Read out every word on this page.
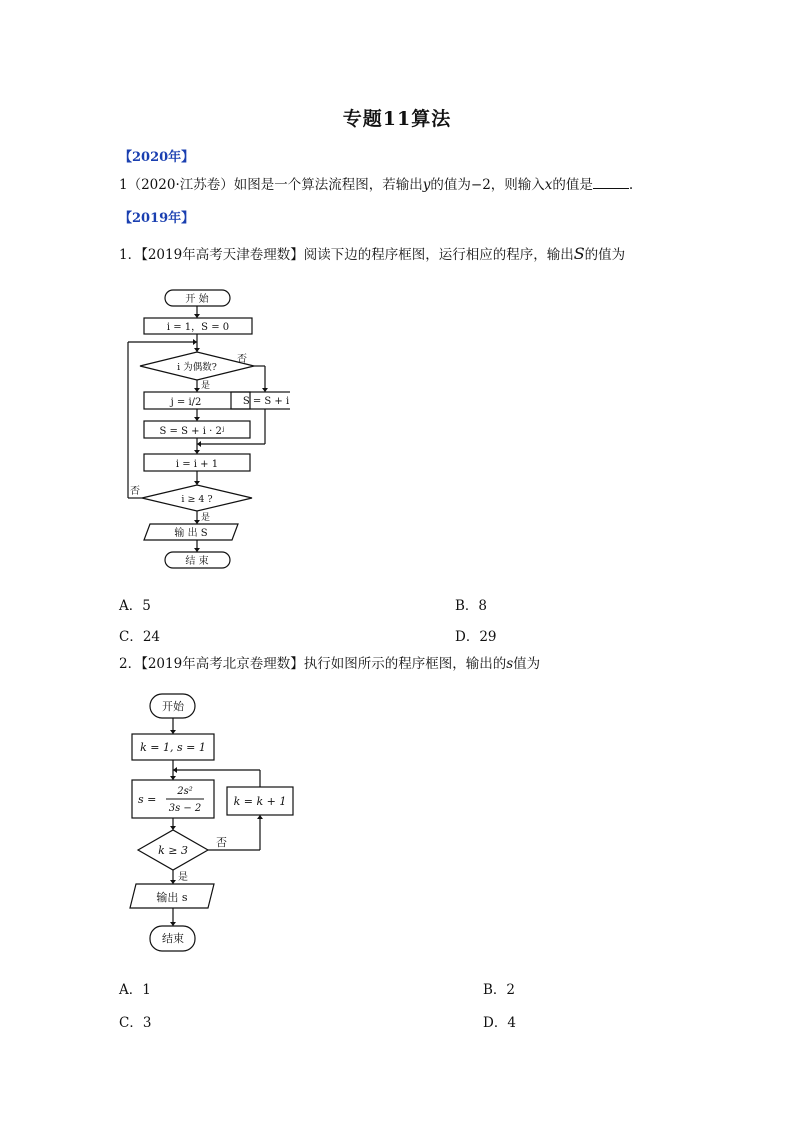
专题11算法
【2020年】
1（2020·江苏卷）如图是一个算法流程图，若输出y的值为−2，则输入x的值是	.
【2019年】
1．【2019年高考天津卷理数】阅读下边的程序框图，运行相应的程序，输出S的值为
开 始
i = 1，S = 0
i 为偶数?
否
是
j = i/2	S = S + i
S = S + i · 2ʲ
i = i + 1
i ≥ 4 ?
否
是
输 出 S
结 束
A．5	B．8
C．24	D．29
2．【2019年高考北京卷理数】执行如图所示的程序框图，输出的s值为
开始
k = 1, s = 1
s =
2s²
3s − 2
k = k + 1
k ≥ 3
否
是
输出 s
结束
A．1	B．2
C．3	D．4
